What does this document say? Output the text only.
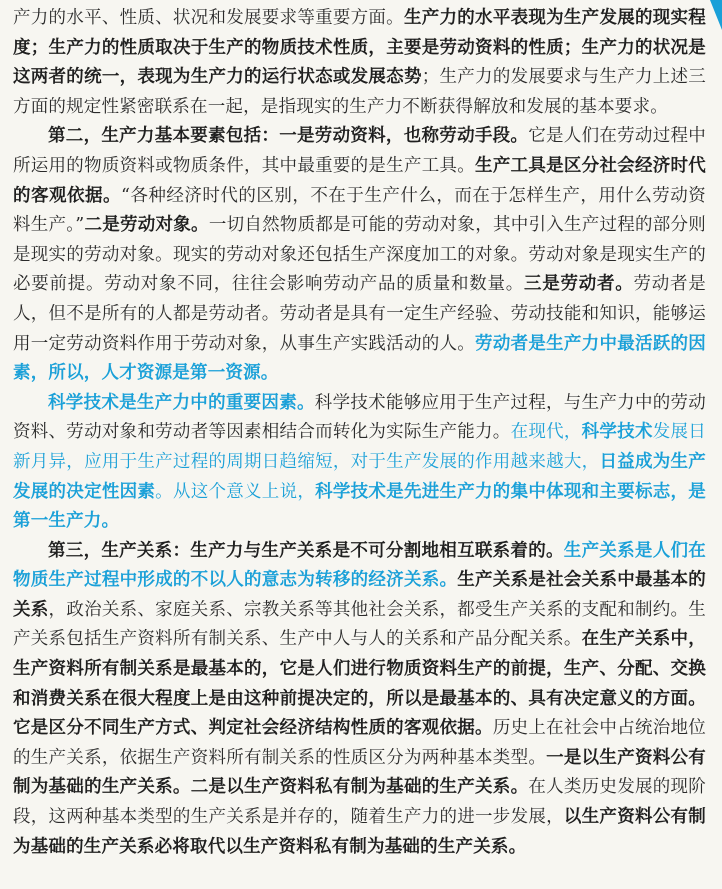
产力的水平、性质、状况和发展要求等重要方面。生产力的水平表现为生产发展的现实程度；生产力的性质取决于生产的物质技术性质，主要是劳动资料的性质；生产力的状况是这两者的统一，表现为生产力的运行状态或发展态势；生产力的发展要求与生产力上述三方面的规定性紧密联系在一起，是指现实的生产力不断获得解放和发展的基本要求。

第二，生产力基本要素包括：一是劳动资料，也称劳动手段。它是人们在劳动过程中所运用的物质资料或物质条件，其中最重要的是生产工具。生产工具是区分社会经济时代的客观依据。“各种经济时代的区别，不在于生产什么，而在于怎样生产，用什么劳动资料生产。”二是劳动对象。一切自然物质都是可能的劳动对象，其中引入生产过程的部分则是现实的劳动对象。现实的劳动对象还包括生产深度加工的对象。劳动对象是现实生产的必要前提。劳动对象不同，往往会影响劳动产品的质量和数量。三是劳动者。劳动者是人，但不是所有的人都是劳动者。劳动者是具有一定生产经验、劳动技能和知识，能够运用一定劳动资料作用于劳动对象，从事生产实践活动的人。劳动者是生产力中最活跃的因素，所以，人才资源是第一资源。

科学技术是生产力中的重要因素。科学技术能够应用于生产过程，与生产力中的劳动资料、劳动对象和劳动者等因素相结合而转化为实际生产能力。在现代，科学技术发展日新月异，应用于生产过程的周期日趋缩短，对于生产发展的作用越来越大，日益成为生产发展的决定性因素。从这个意义上说，科学技术是先进生产力的集中体现和主要标志，是第一生产力。

第三，生产关系：生产力与生产关系是不可分割地相互联系着的。生产关系是人们在物质生产过程中形成的不以人的意志为转移的经济关系。生产关系是社会关系中最基本的关系，政治关系、家庭关系、宗教关系等其他社会关系，都受生产关系的支配和制约。生产关系包括生产资料所有制关系、生产中人与人的关系和产品分配关系。在生产关系中，生产资料所有制关系是最基本的，它是人们进行物质资料生产的前提，生产、分配、交换和消费关系在很大程度上是由这种前提决定的，所以是最基本的、具有决定意义的方面。它是区分不同生产方式、判定社会经济结构性质的客观依据。历史上在社会中占统治地位的生产关系，依据生产资料所有制关系的性质区分为两种基本类型。一是以生产资料公有制为基础的生产关系。二是以生产资料私有制为基础的生产关系。在人类历史发展的现阶段，这两种基本类型的生产关系是并存的，随着生产力的进一步发展，以生产资料公有制为基础的生产关系必将取代以生产资料私有制为基础的生产关系。
